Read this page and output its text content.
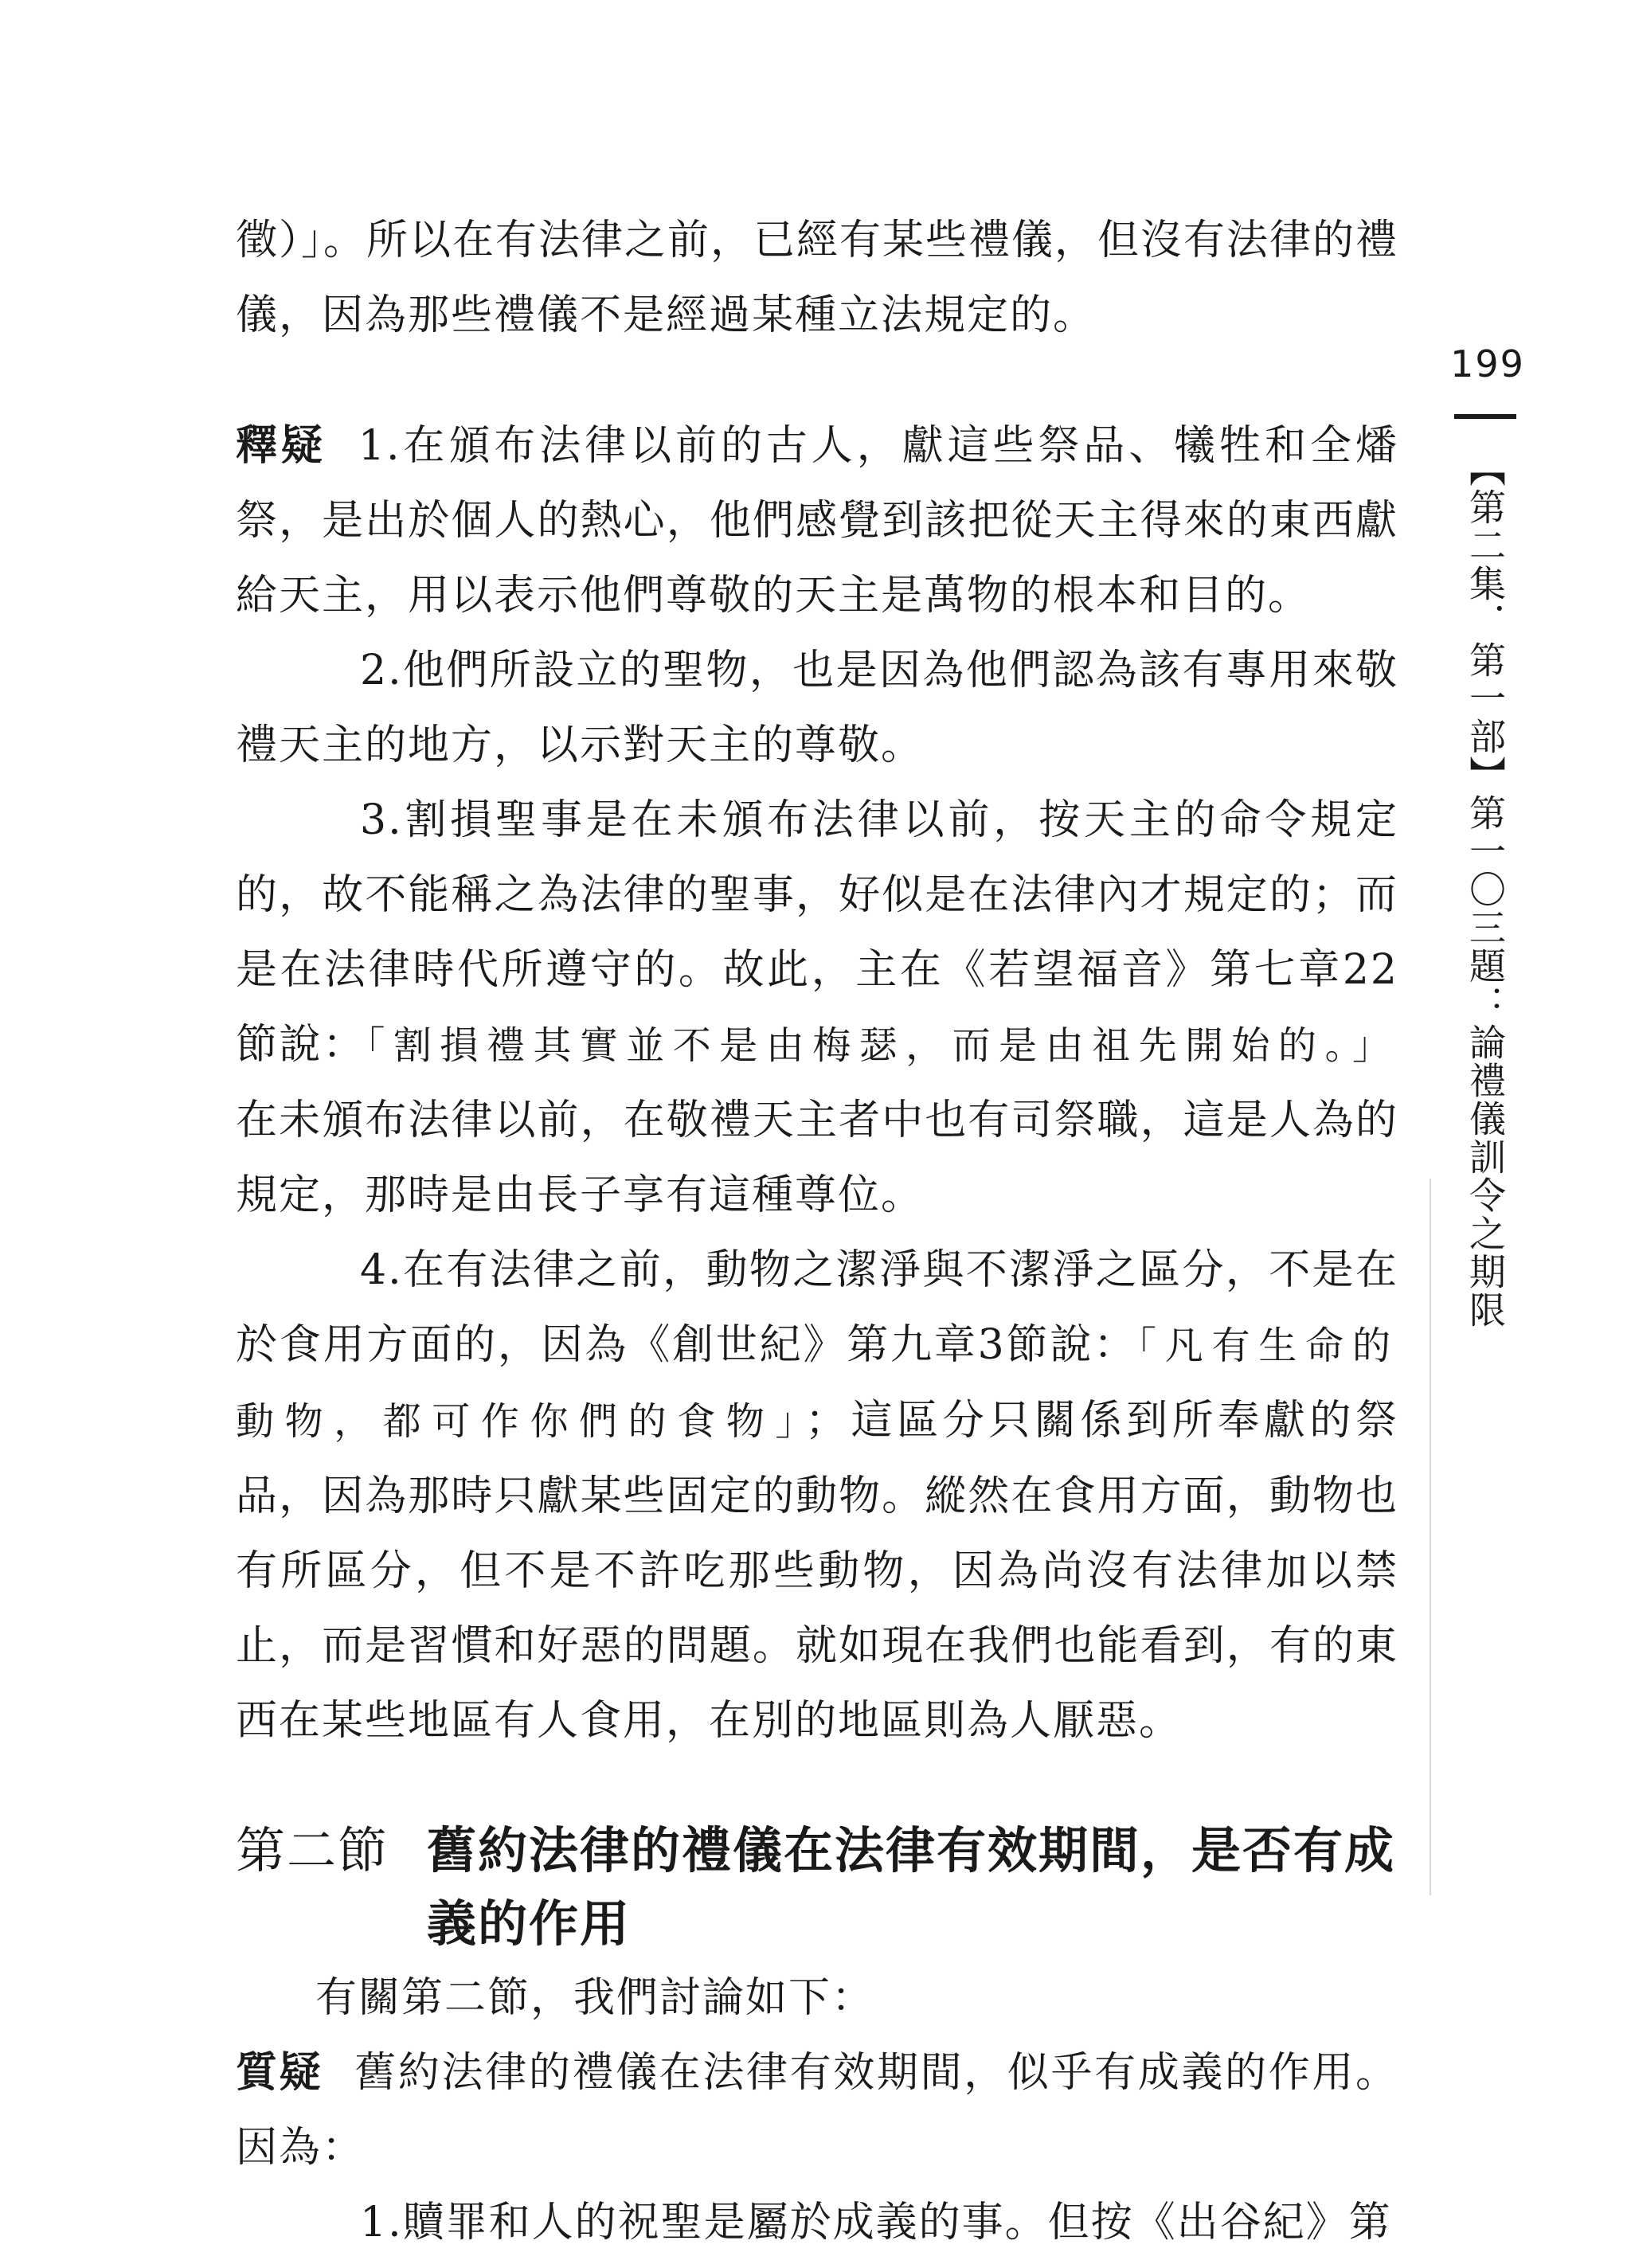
徵）」。所以在有法律之前，已經有某些禮儀，但沒有法律的禮儀，因為那些禮儀不是經過某種立法規定的。

釋疑 1.在頒布法律以前的古人，獻這些祭品、犧牲和全燔祭，是出於個人的熱心，他們感覺到該把從天主得來的東西獻給天主，用以表示他們尊敬的天主是萬物的根本和目的。

2.他們所設立的聖物，也是因為他們認為該有專用來敬禮天主的地方，以示對天主的尊敬。

3.割損聖事是在未頒布法律以前，按天主的命令規定的，故不能稱之為法律的聖事，好似是在法律內才規定的；而是在法律時代所遵守的。故此，主在《若望福音》第七章22節說：「割損禮其實並不是由梅瑟，而是由祖先開始的。」在未頒布法律以前，在敬禮天主者中也有司祭職，這是人為的規定，那時是由長子享有這種尊位。

4.在有法律之前，動物之潔淨與不潔淨之區分，不是在於食用方面的，因為《創世紀》第九章3節說：「凡有生命的動物，都可作你們的食物」；這區分只關係到所奉獻的祭品，因為那時只獻某些固定的動物。縱然在食用方面，動物也有所區分，但不是不許吃那些動物，因為尚沒有法律加以禁止，而是習慣和好惡的問題。就如現在我們也能看到，有的東西在某些地區有人食用，在別的地區則為人厭惡。

第二節 舊約法律的禮儀在法律有效期間，是否有成義的作用

有關第二節，我們討論如下：

質疑 舊約法律的禮儀在法律有效期間，似乎有成義的作用。因為：

1.贖罪和人的祝聖是屬於成義的事。但按《出谷紀》第

199
【第二集．第一部】第一〇三題：論禮儀訓令之期限
